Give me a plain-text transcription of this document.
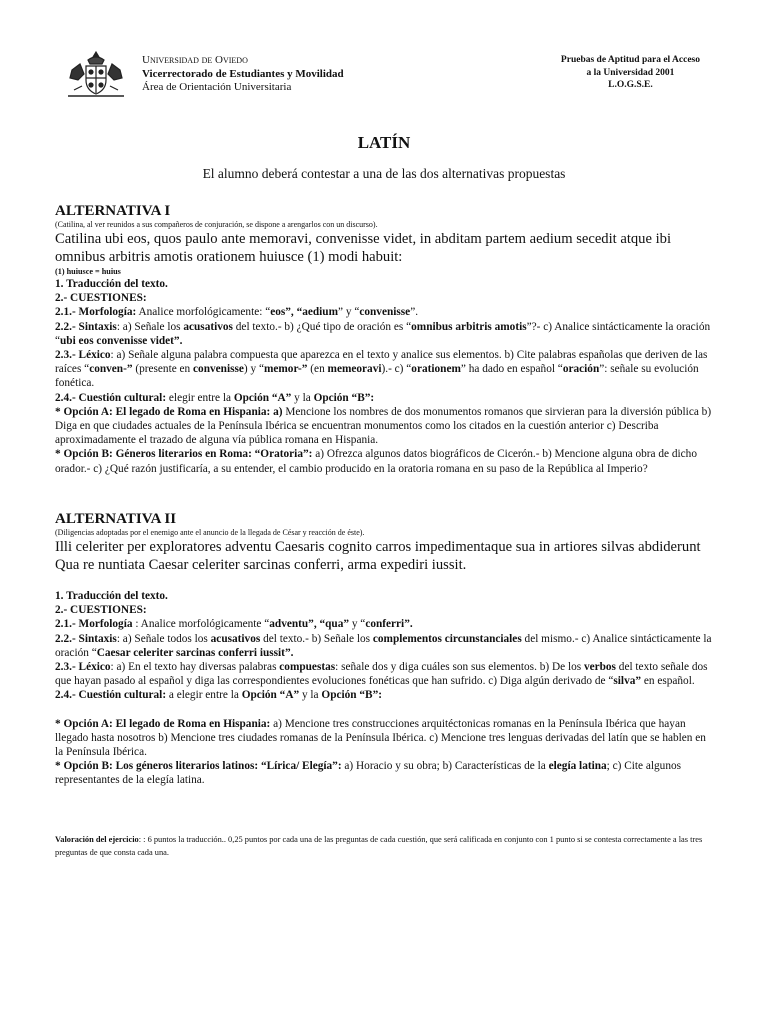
Universidad de Oviedo
Vicerrectorado de Estudiantes y Movilidad
Área de Orientación Universitaria
Pruebas de Aptitud para el Acceso
a la Universidad 2001
L.O.G.S.E.
LATÍN
El alumno deberá contestar a una de las dos alternativas propuestas
ALTERNATIVA I
(Catilina, al ver reunidos a sus compañeros de conjuración, se dispone a arengarlos con un discurso).
Catilina ubi eos, quos paulo ante memoravi, convenisse videt, in abditam partem aedium secedit atque ibi omnibus arbitris amotis orationem huiusce (1) modi habuit:
(1) huiusce = huius
1. Traducción del texto.
2.- CUESTIONES:
2.1.- Morfología: Analice morfológicamente: “eos”, “aedium” y “convenisse”.
2.2.- Sintaxis: a) Señale los acusativos del texto.- b) ¿Qué tipo de oración es “omnibus arbitris amotis”?- c) Analice sintácticamente la oración “ubi eos convenisse videt”.
2.3.- Léxico: a) Señale alguna palabra compuesta que aparezca en el texto y analice sus elementos. b) Cite palabras españolas que deriven de las raíces “conven-” (presente en convenisse) y “memor-” (en memeoravi).- c) “orationem” ha dado en español “oración”: señale su evolución fonética.
2.4.- Cuestión cultural: elegir entre la Opción “A” y la Opción “B”:
* Opción A: El legado de Roma en Hispania: a) Mencione los nombres de dos monumentos romanos que sirvieran para la diversión pública b) Diga en que ciudades actuales de la Península Ibérica se encuentran monumentos como los citados en la cuestión anterior c) Describa aproximadamente el trazado de alguna vía pública romana en Hispania.
* Opción B: Géneros literarios en Roma: “Oratoria”: a) Ofrezca algunos datos biográficos de Cicerón.- b) Mencione alguna obra de dicho orador.- c) ¿Qué razón justificaría, a su entender, el cambio producido en la oratoria romana en su paso de la República al Imperio?
ALTERNATIVA II
(Diligencias adoptadas por el enemigo ante el anuncio de la llegada de César y reacción de éste).
Illi celeriter per exploratores adventu Caesaris cognito carros impedimentaque sua in artiores silvas abdiderunt Qua re nuntiata Caesar celeriter sarcinas conferri, arma expediri iussit.
1. Traducción del texto.
2.- CUESTIONES:
2.1.- Morfología : Analice morfológicamente “adventu”, “qua” y “conferri”.
2.2.- Sintaxis: a) Señale todos los acusativos del texto.- b) Señale los complementos circunstanciales del mismo.- c) Analice sintácticamente la oración “Caesar celeriter sarcinas conferri iussit”.
2.3.- Léxico: a) En el texto hay diversas palabras compuestas: señale dos y diga cuáles son sus elementos. b) De los verbos del texto señale dos que hayan pasado al español y diga las correspondientes evoluciones fonéticas que han sufrido. c) Diga algún derivado de “silva” en español.
2.4.- Cuestión cultural: a elegir entre la Opción “A” y la Opción “B”:
* Opción A: El legado de Roma en Hispania: a) Mencione tres construcciones arquitéctonicas romanas en la Península Ibérica que hayan llegado hasta nosotros b) Mencione tres ciudades romanas de la Península Ibérica. c) Mencione tres lenguas derivadas del latín que se hablen en la Península Ibérica.
* Opción B: Los géneros literarios latinos: “Lírica/ Elegía”: a) Horacio y su obra; b) Características de la elegía latina; c) Cite algunos representantes de la elegía latina.
Valoración del ejercicio: : 6 puntos la traducción.. 0,25 puntos por cada una de las preguntas de cada cuestión, que será calificada en conjunto con 1 punto si se contesta correctamente a las tres preguntas de que consta cada una.
